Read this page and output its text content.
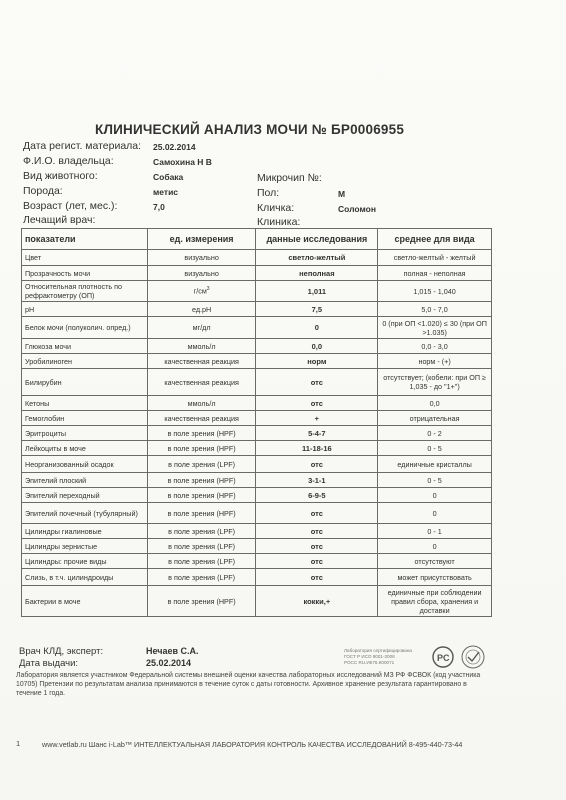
КЛИНИЧЕСКИЙ АНАЛИЗ МОЧИ № БР0006955
Дата регист. материала: 25.02.2014
Ф.И.О. владельца:	Самохина Н В
Вид животного:	Собака
Порода:	метис
Возраст (лет, мес.):	7,0
Лечащий врач:
Микрочип №:
Пол:	М
Кличка:	Соломон
Клиника:
показатели	ед. измерения	данные исследования	среднее для вида
Цвет	визуально	светло-желтый	светло-желтый - желтый
Прозрачность мочи	визуально	неполная	полная - неполная
Относительная плотность по рефрактометру (ОП)	$г/см^3$	1,011	1,015 - 1,040
pH	ед.pH	7,5	5,0 - 7,0
Белок мочи (полуколич. опред.)	мг/дл	0	0 (при ОП <1.020) ≤ 30 (при ОП >1.035)
Глюкоза мочи	ммоль/л	0,0	0,0 - 3,0
Уробилиноген	качественная реакция	норм	норм - (+)
Билирубин	качественная реакция	отс	отсутствует; (кобели: при ОП ≥ 1,035 - до "1+")
Кетоны	ммоль/л	отс	0,0
Гемоглобин	качественная реакция	+	отрицательная
Эритроциты	в поле зрения (HPF)	5-4-7	0 - 2
Лейкоциты в моче	в поле зрения (HPF)	11-18-16	0 - 5
Неорганизованный осадок	в поле зрения (LPF)	отс	единичные кристаллы
Эпителий плоский	в поле зрения (HPF)	3-1-1	0 - 5
Эпителий переходный	в поле зрения (HPF)	6-9-5	0
Эпителий почечный (тубулярный)	в поле зрения (HPF)	отс	0
Цилиндры гиалиновые	в поле зрения (LPF)	отс	0 - 1
Цилиндры зернистые	в поле зрения (LPF)	отс	0
Цилиндры: прочие виды	в поле зрения (LPF)	отс	отсутствуют
Слизь, в т.ч. цилиндроиды	в поле зрения (LPF)	отс	может присутствовать
Бактерии в моче	в поле зрения (HPF)	кокки,+	единичные при соблюдении правил сбора, хранения и доставки
Врач КЛД, эксперт:	Нечаев С.А.
Дата выдачи:	25.02.2014
Лаборатория сертифицирована
ГОСТ Р ИСО 9001-2008
РОСС RU.ИК76.К00071	PC
Лаборатория является участником Федеральной системы внешней оценки качества лабораторных исследований МЗ РФ ФСВОК (код участника 10705) Претензии по результатам анализа принимаются в течение суток с даты готовности. Архивное хранение результата гарантировано в течение 1 года.
1	www.vetlab.ru Шанс i-Lab™ ИНТЕЛЛЕКТУАЛЬНАЯ ЛАБОРАТОРИЯ КОНТРОЛЬ КАЧЕСТВА ИССЛЕДОВАНИЙ 8-495-440-73-44
